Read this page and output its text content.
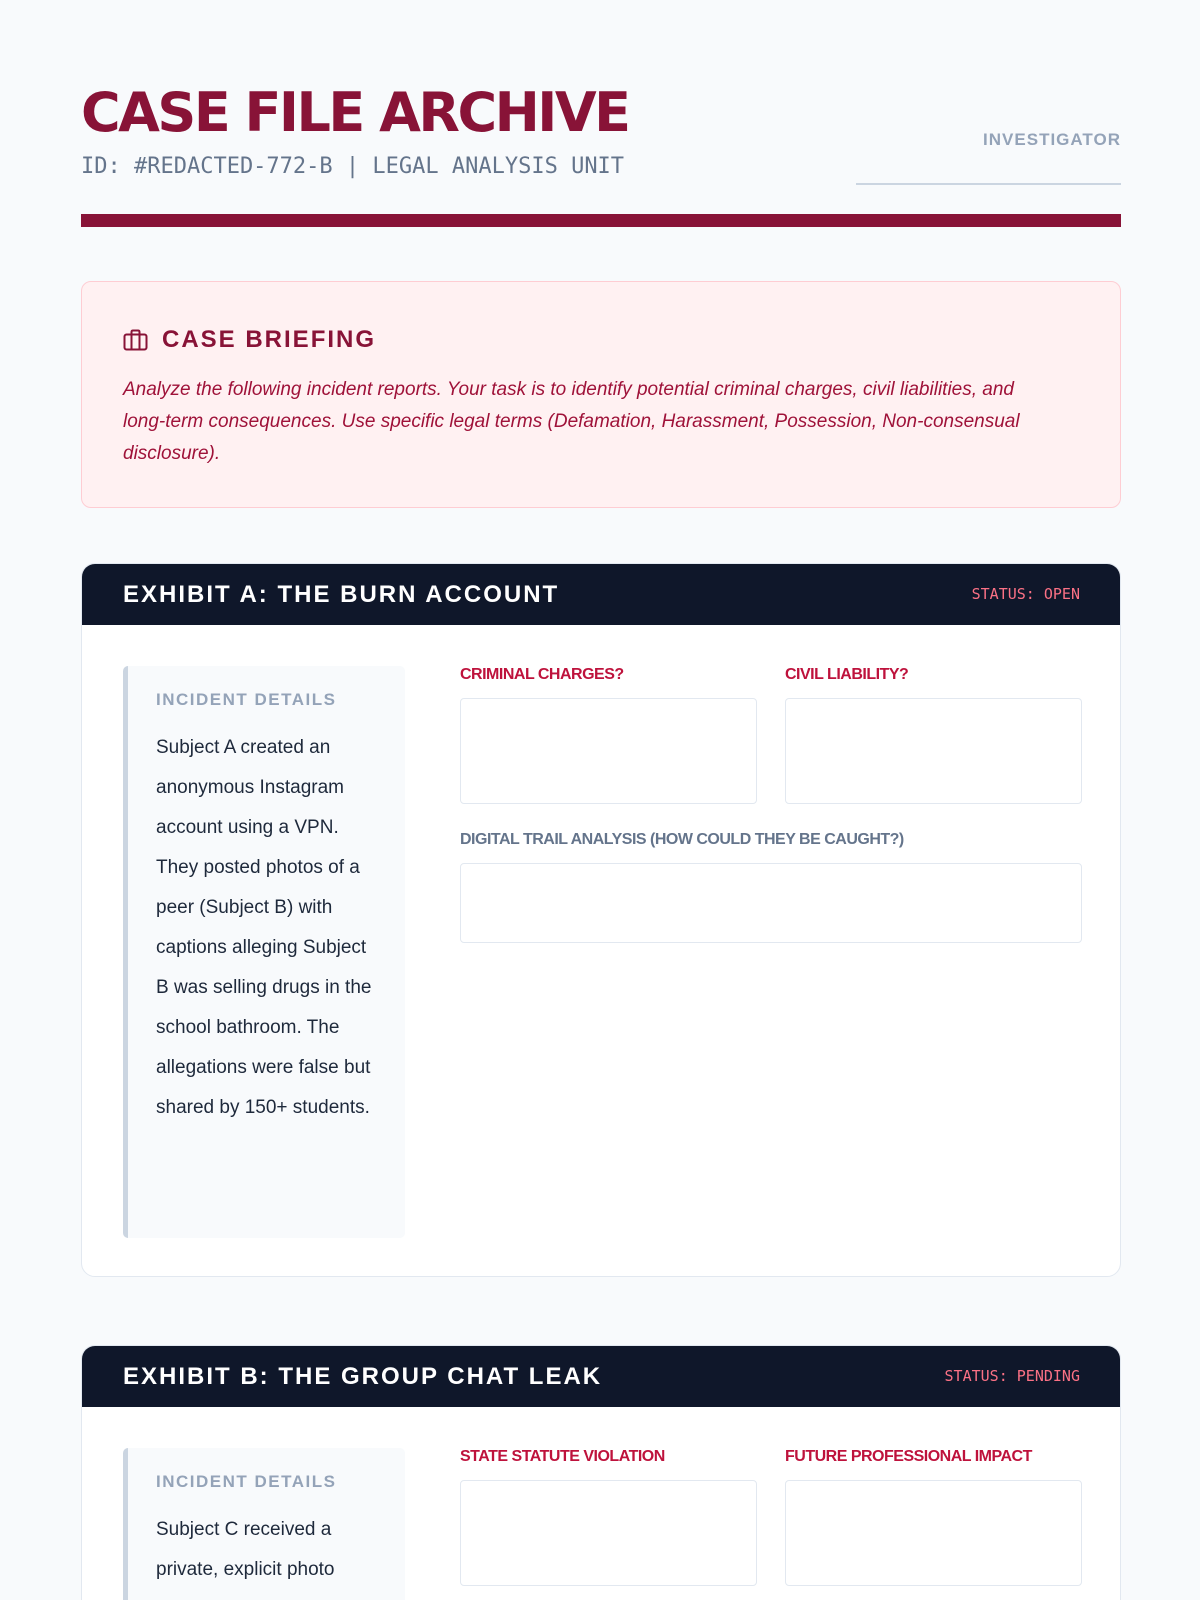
CASE FILE ARCHIVE
ID: #REDACTED-772-B | LEGAL ANALYSIS UNIT
INVESTIGATOR
CASE BRIEFING

Analyze the following incident reports. Your task is to identify potential criminal charges, civil liabilities, and long-term consequences. Use specific legal terms (Defamation, Harassment, Possession, Non-consensual disclosure).

EXHIBIT A: THE BURN ACCOUNT	STATUS: OPEN
INCIDENT DETAILS

Subject A created an anonymous Instagram account using a VPN. They posted photos of a peer (Subject B) with captions alleging Subject B was selling drugs in the school bathroom. The allegations were false but shared by 150+ students.

CRIMINAL CHARGES?	CIVIL LIABILITY?
DIGITAL TRAIL ANALYSIS (HOW COULD THEY BE CAUGHT?)
EXHIBIT B: THE GROUP CHAT LEAK	STATUS: PENDING
INCIDENT DETAILS

Subject C received a private, explicit photo

STATE STATUTE VIOLATION	FUTURE PROFESSIONAL IMPACT
